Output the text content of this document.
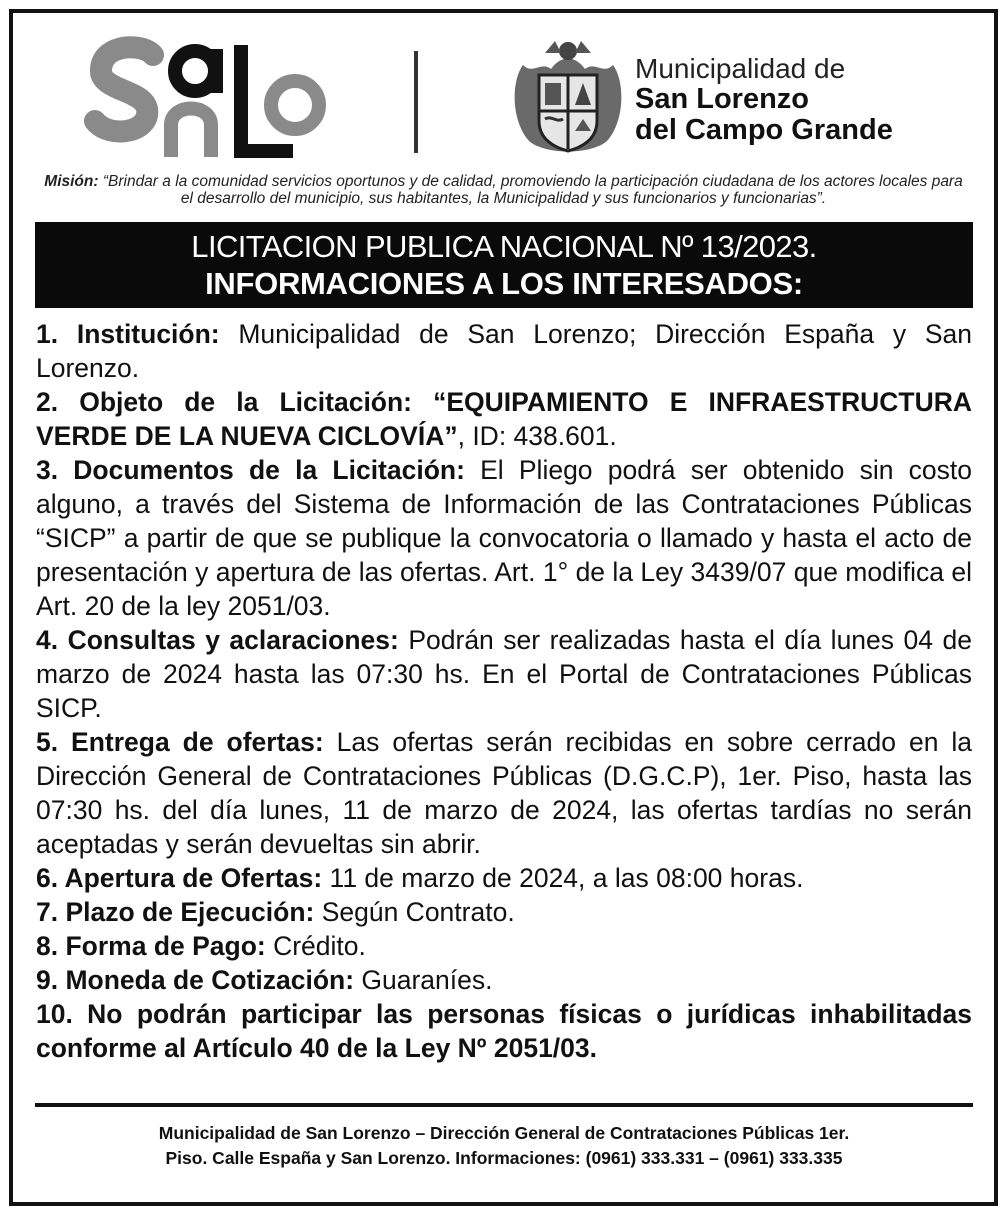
Municipalidad de
San Lorenzo
del Campo Grande
Misión: “Brindar a la comunidad servicios oportunos y de calidad, promoviendo la participación ciudadana de los actores locales para el desarrollo del municipio, sus habitantes, la Municipalidad y sus funcionarios y funcionarias”.
LICITACION PUBLICA NACIONAL Nº 13/2023.
INFORMACIONES A LOS INTERESADOS:

1. Institución: Municipalidad de San Lorenzo; Dirección España y San Lorenzo.

2. Objeto de la Licitación: “EQUIPAMIENTO E INFRAESTRUCTURA VERDE DE LA NUEVA CICLOVÍA”, ID: 438.601.

3. Documentos de la Licitación: El Pliego podrá ser obtenido sin costo alguno, a través del Sistema de Información de las Contrataciones Públicas “SICP” a partir de que se publique la convocatoria o llamado y hasta el acto de presentación y apertura de las ofertas. Art. 1° de la Ley 3439/07 que modifica el Art. 20 de la ley 2051/03.

4. Consultas y aclaraciones: Podrán ser realizadas hasta el día lunes 04 de marzo de 2024 hasta las 07:30 hs. En el Portal de Contrataciones Públicas SICP.

5. Entrega de ofertas: Las ofertas serán recibidas en sobre cerrado en la Dirección General de Contrataciones Públicas (D.G.C.P), 1er. Piso, hasta las 07:30 hs. del día lunes, 11 de marzo de 2024, las ofertas tardías no serán aceptadas y serán devueltas sin abrir.

6. Apertura de Ofertas: 11 de marzo de 2024, a las 08:00 horas.

7. Plazo de Ejecución: Según Contrato.

8. Forma de Pago: Crédito.

9. Moneda de Cotización: Guaraníes.

10. No podrán participar las personas físicas o jurídicas inhabilitadas conforme al Artículo 40 de la Ley Nº 2051/03.

Municipalidad de San Lorenzo – Dirección General de Contrataciones Públicas 1er.
Piso. Calle España y San Lorenzo. Informaciones: (0961) 333.331 – (0961) 333.335
